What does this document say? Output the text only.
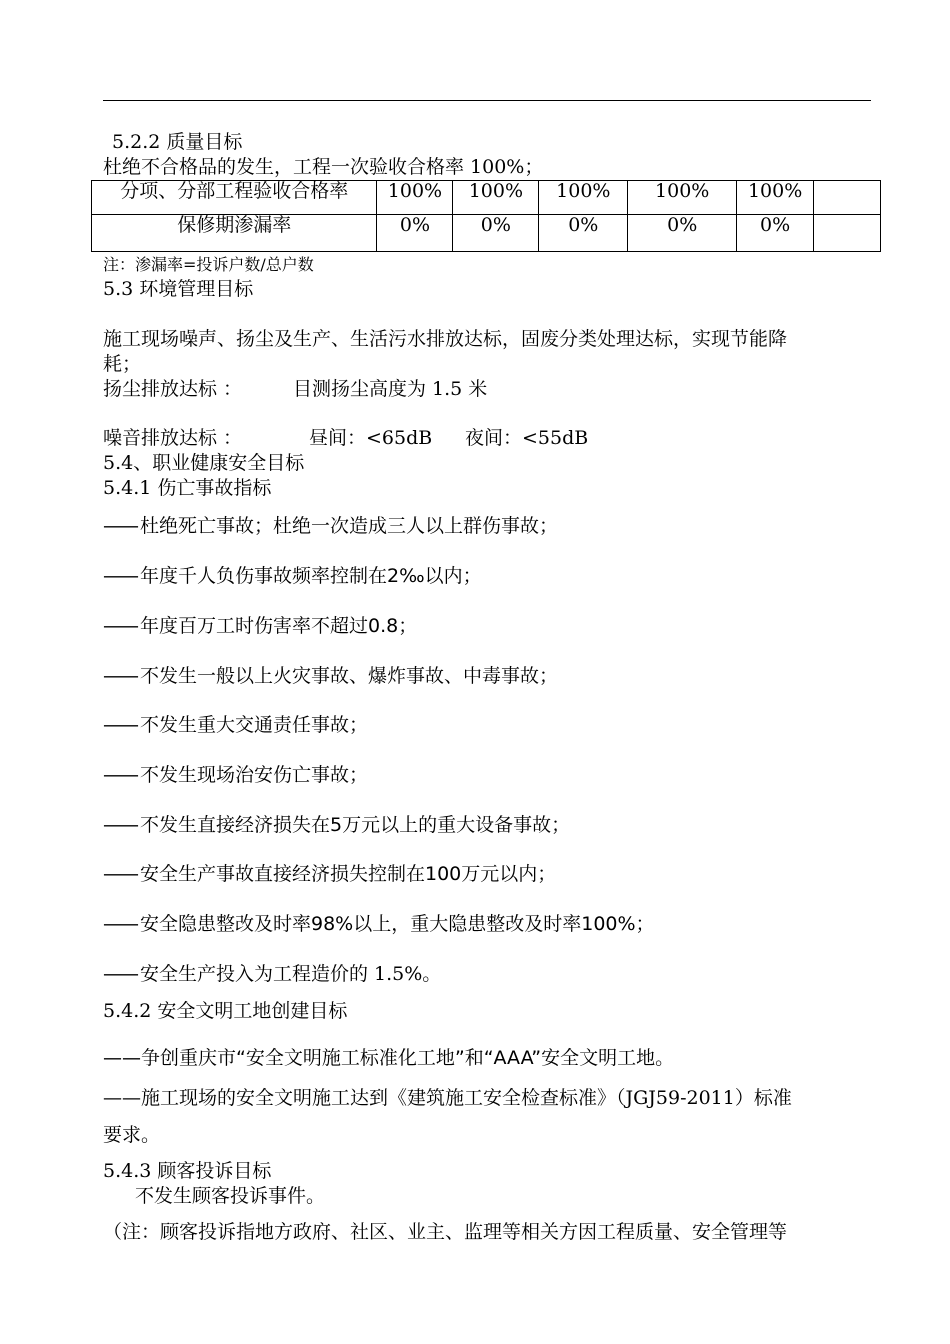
5.2.2 质量目标
杜绝不合格品的发生，工程一次验收合格率 100%；
分项、分部工程验收合格率	100%	100%	100%	100%	100%	
保修期渗漏率	0%	0%	0%	0%	0%	
注：渗漏率=投诉户数/总户数
5.3 环境管理目标
施工现场噪声、扬尘及生产、生活污水排放达标，固废分类处理达标，实现节能降
耗；
扬尘排放达标 ：	目测扬尘高度为 1.5 米
噪音排放达标 ：	昼间：<65dB 夜间：<55dB
5.4、职业健康安全目标
5.4.1 伤亡事故指标
—— 杜绝死亡事故；杜绝一次造成三人以上群伤事故；
—— 年度千人负伤事故频率控制在2‰以内；
—— 年度百万工时伤害率不超过0.8；
—— 不发生一般以上火灾事故、爆炸事故、中毒事故；
—— 不发生重大交通责任事故；
—— 不发生现场治安伤亡事故；
—— 不发生直接经济损失在5万元以上的重大设备事故；
—— 安全生产事故直接经济损失控制在100万元以内；
—— 安全隐患整改及时率98%以上，重大隐患整改及时率100%；
—— 安全生产投入为工程造价的 1.5%。
5.4.2 安全文明工地创建目标
——争创重庆市“安全文明施工标准化工地”和“AAA”安全文明工地。
——施工现场的安全文明施工达到《建筑施工安全检查标准》（JGJ59-2011）标准
要求。
5.4.3 顾客投诉目标
不发生顾客投诉事件。
（注：顾客投诉指地方政府、社区、业主、监理等相关方因工程质量、安全管理等
